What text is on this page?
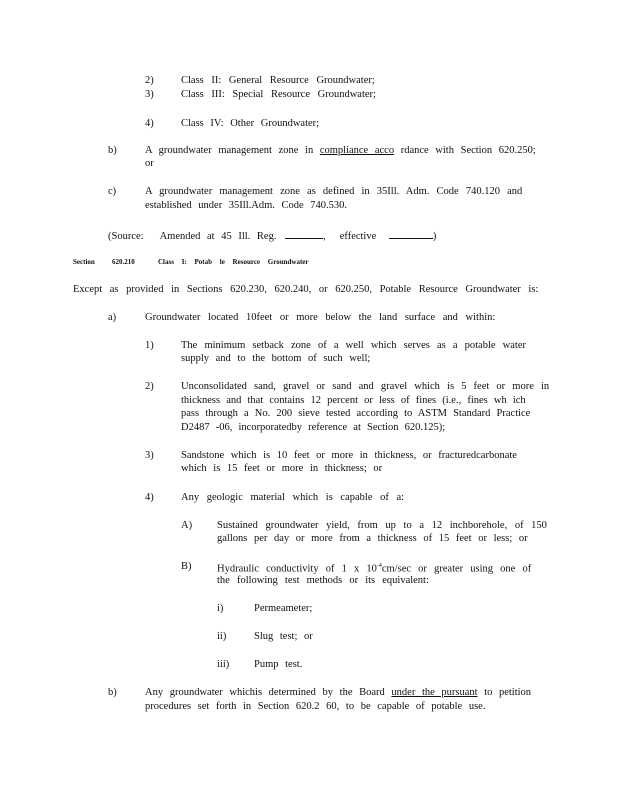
2)	Class II: General Resource Groundwater;
3)	Class III: Special Resource Groundwater;
4)	Class IV: Other Groundwater;
b)	A groundwater management zone in compliance acco rdance with Section 620.250;
or
c)	A groundwater management zone as defined in 35Ill. Adm. Code 740.120 and
established under 35Ill.Adm. Code 740.530.
(Source: Amended at 45 Ill. Reg.	, effective	)
Section 620.210	Class I: Potab le Resource Groundwater
Except as provided in Sections 620.230, 620.240, or 620.250, Potable Resource Groundwater is:
a)	Groundwater located 10feet or more below the land surface and within:
1)	The minimum setback zone of a well which serves as a potable water
supply and to the bottom of such well;
2)	Unconsolidated sand, gravel or sand and gravel which is 5 feet or more in
thickness and that contains 12 percent or less of fines (i.e., fines wh ich
pass through a No. 200 sieve tested according to ASTM Standard Practice
D2487 -06, incorporatedby reference at Section 620.125);
3)	Sandstone which is 10 feet or more in thickness, or fracturedcarbonate
which is 15 feet or more in thickness; or
4)	Any geologic material which is capable of a:
A) Sustained groundwater yield, from up to a 12 inchborehole, of 150
gallons per day or more from a thickness of 15 feet or less; or
B) Hydraulic conductivity of 1 x $10^{-4}cm/\sec$ or greater using one of
the following test methods or its equivalent:
i)	Permeameter;
ii)	Slug test; or
iii) Pump test.
b)	Any groundwater whichis determined by the Board under the pursuant to petition
procedures set forth in Section 620.2 60, to be capable of potable use.
